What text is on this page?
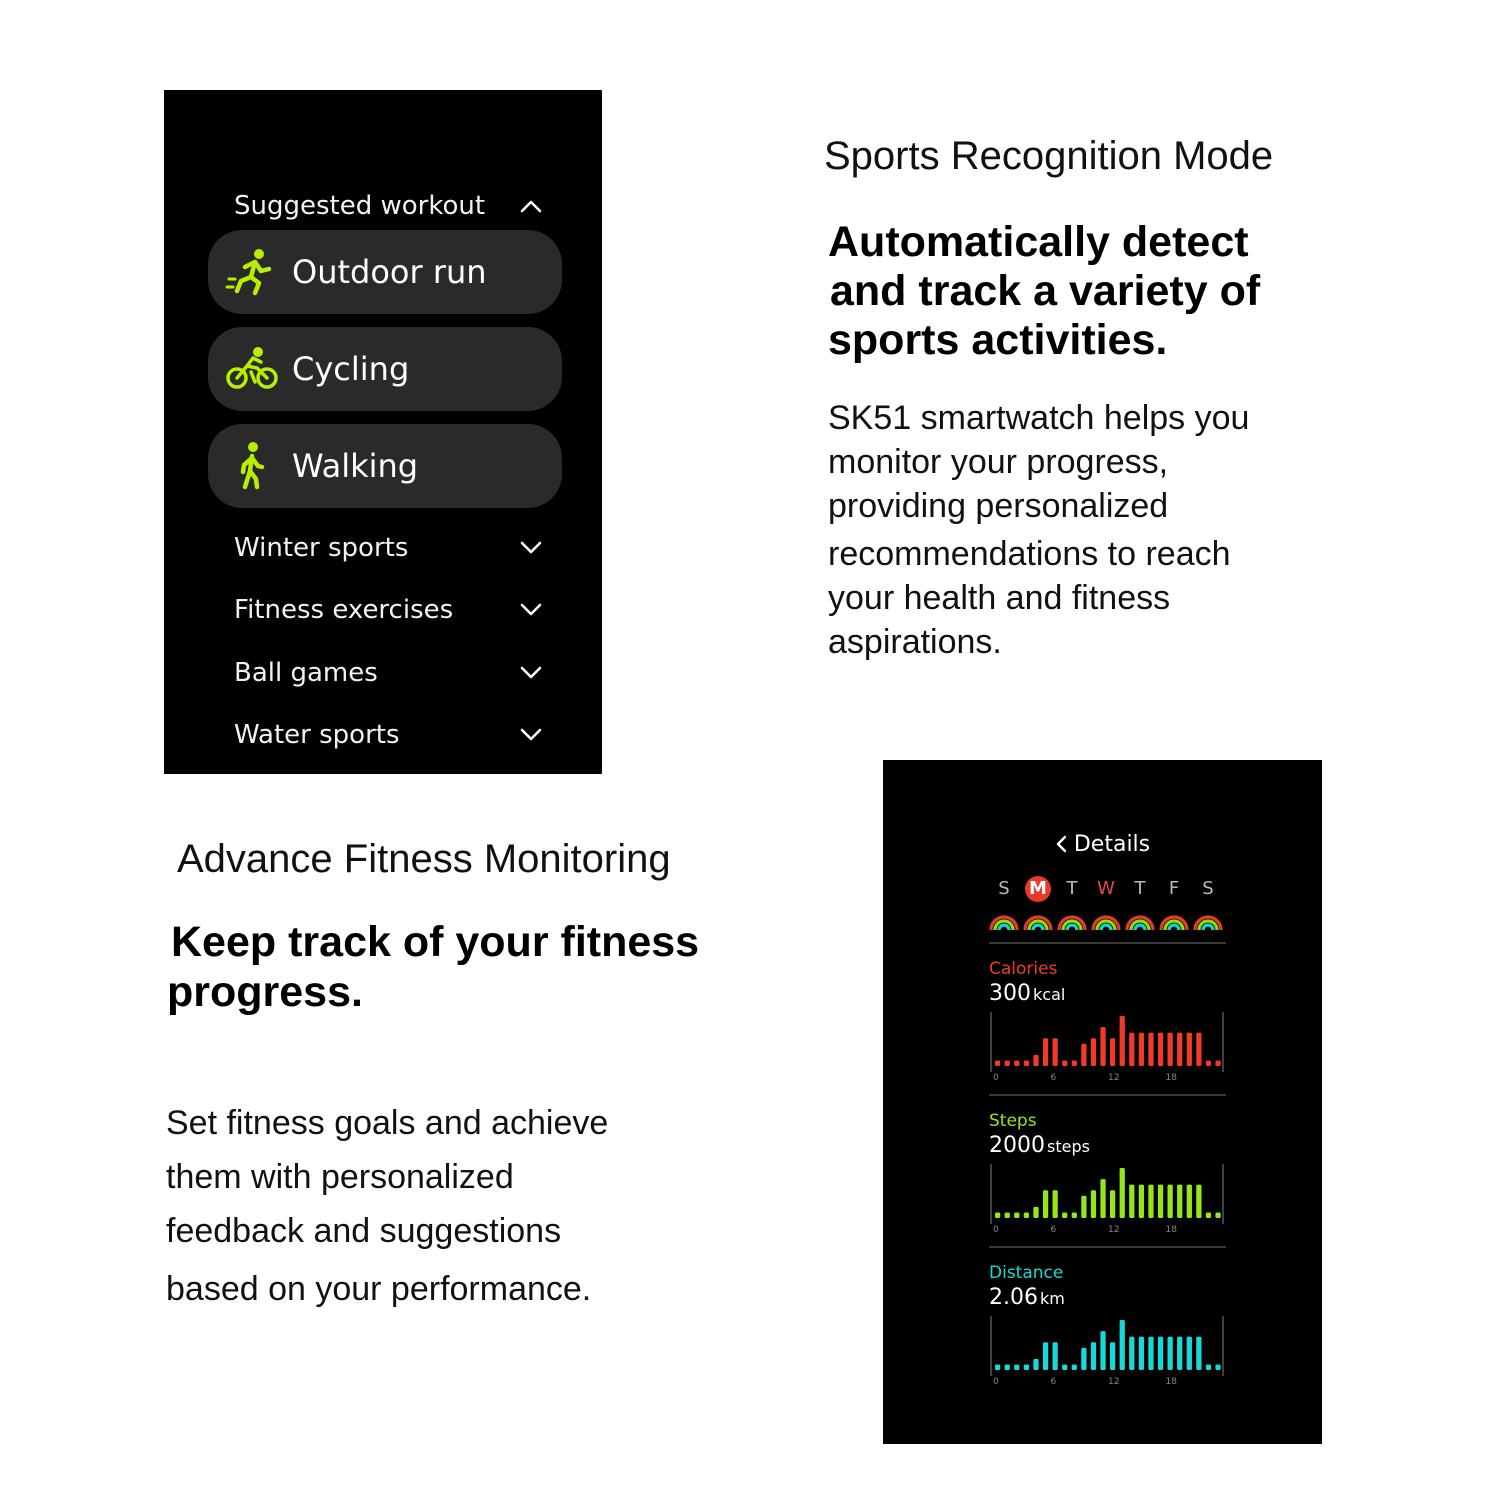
Suggested workout
Outdoor run
Cycling
Walking
Winter sports
Fitness exercises
Ball games
Water sports
Sports Recognition Mode
Automatically detect
and track a variety of
sports activities.
SK51 smartwatch helps you
monitor your progress,
providing personalized
recommendations to reach
your health and fitness
aspirations.
Advance Fitness Monitoring
Keep track of your fitness
progress.
Set fitness goals and achieve
them with personalized
feedback and suggestions
based on your performance.
Details
S	M	T	W	T	F	S
Calories
300 kcal
0	6	12	18
Steps
2000 steps
0	6	12	18
Distance
2.06 km
0	6	12	18
